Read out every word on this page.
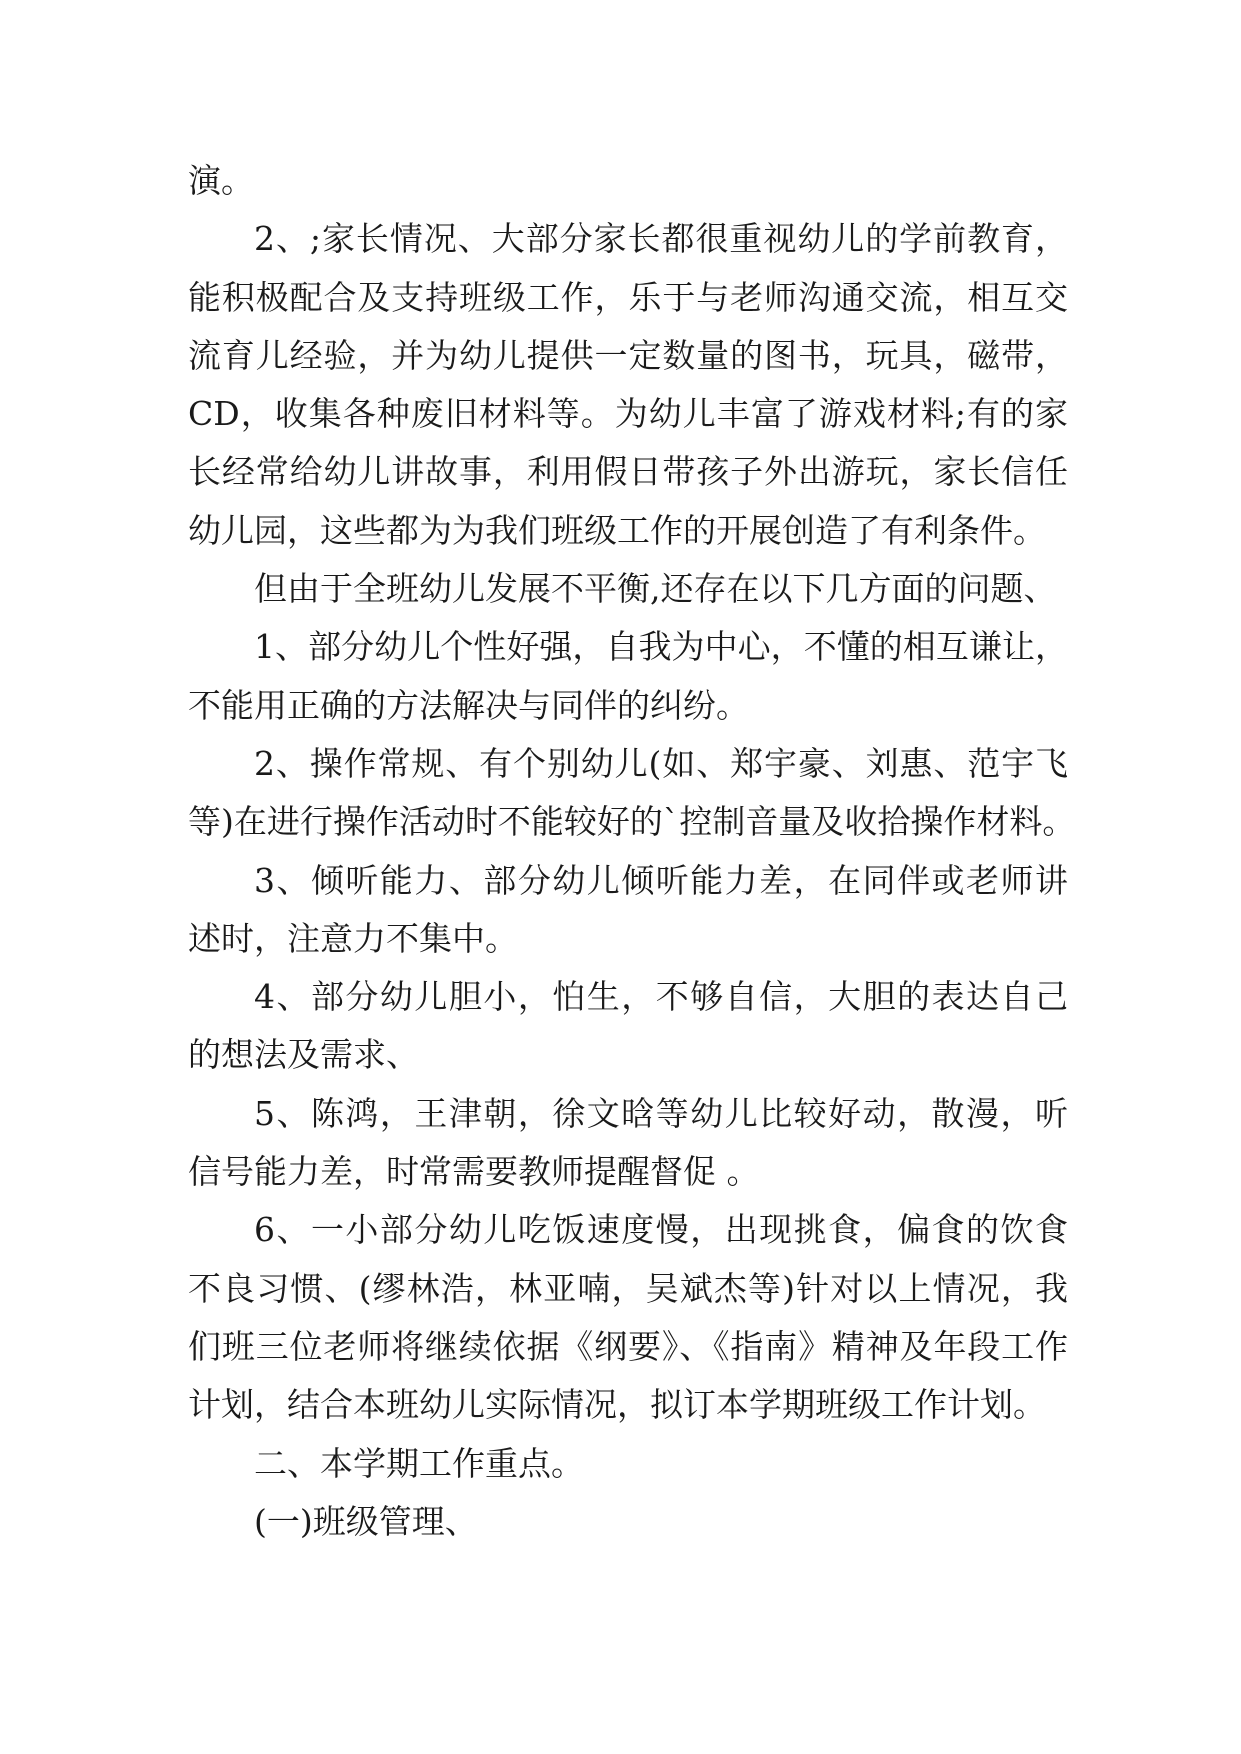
演。
2、;家长情况、大部分家长都很重视幼儿的学前教育，
能积极配合及支持班级工作，乐于与老师沟通交流，相互交
流育儿经验，并为幼儿提供一定数量的图书，玩具，磁带，
CD，收集各种废旧材料等。为幼儿丰富了游戏材料;有的家
长经常给幼儿讲故事，利用假日带孩子外出游玩，家长信任
幼儿园，这些都为为我们班级工作的开展创造了有利条件。
但由于全班幼儿发展不平衡,还存在以下几方面的问题、
1、部分幼儿个性好强，自我为中心，不懂的相互谦让，
不能用正确的方法解决与同伴的纠纷。
2、操作常规、有个别幼儿(如、郑宇豪、刘惠、范宇飞
等)在进行操作活动时不能较好的`控制音量及收拾操作材料。
3、倾听能力、部分幼儿倾听能力差，在同伴或老师讲
述时，注意力不集中。
4、部分幼儿胆小，怕生，不够自信，大胆的表达自己
的想法及需求、
5、陈鸿，王津朝，徐文晗等幼儿比较好动，散漫，听
信号能力差，时常需要教师提醒督促 。
6、一小部分幼儿吃饭速度慢，出现挑食，偏食的饮食
不良习惯、(缪林浩，林亚喃，吴斌杰等)针对以上情况，我
们班三位老师将继续依据《纲要》、《指南》精神及年段工作
计划，结合本班幼儿实际情况，拟订本学期班级工作计划。
二、本学期工作重点。
(一)班级管理、
